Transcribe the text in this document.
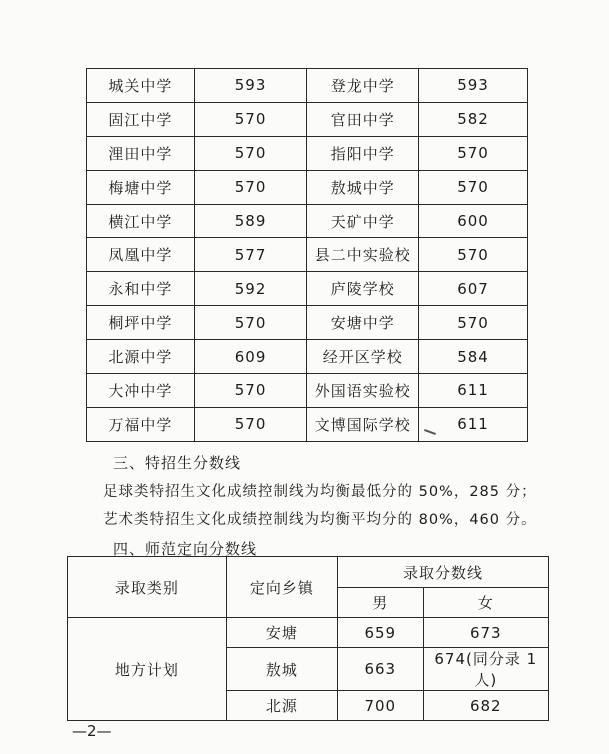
城关中学	593	登龙中学	593
固江中学	570	官田中学	582
浬田中学	570	指阳中学	570
梅塘中学	570	敖城中学	570
横江中学	589	天矿中学	600
凤凰中学	577	县二中实验校	570
永和中学	592	庐陵学校	607
桐坪中学	570	安塘中学	570
北源中学	609	经开区学校	584
大冲中学	570	外国语实验校	611
万福中学	570	文博国际学校	611
三、特招生分数线
足球类特招生文化成绩控制线为均衡最低分的 50%，285 分；
艺术类特招生文化成绩控制线为均衡平均分的 80%，460 分。
四、师范定向分数线
录取类别	定向乡镇	录取分数线	
		男	女
地方计划	安塘	659	673
	敖城	663	674(同分录 1 人)
	北源	700	682
—2—
